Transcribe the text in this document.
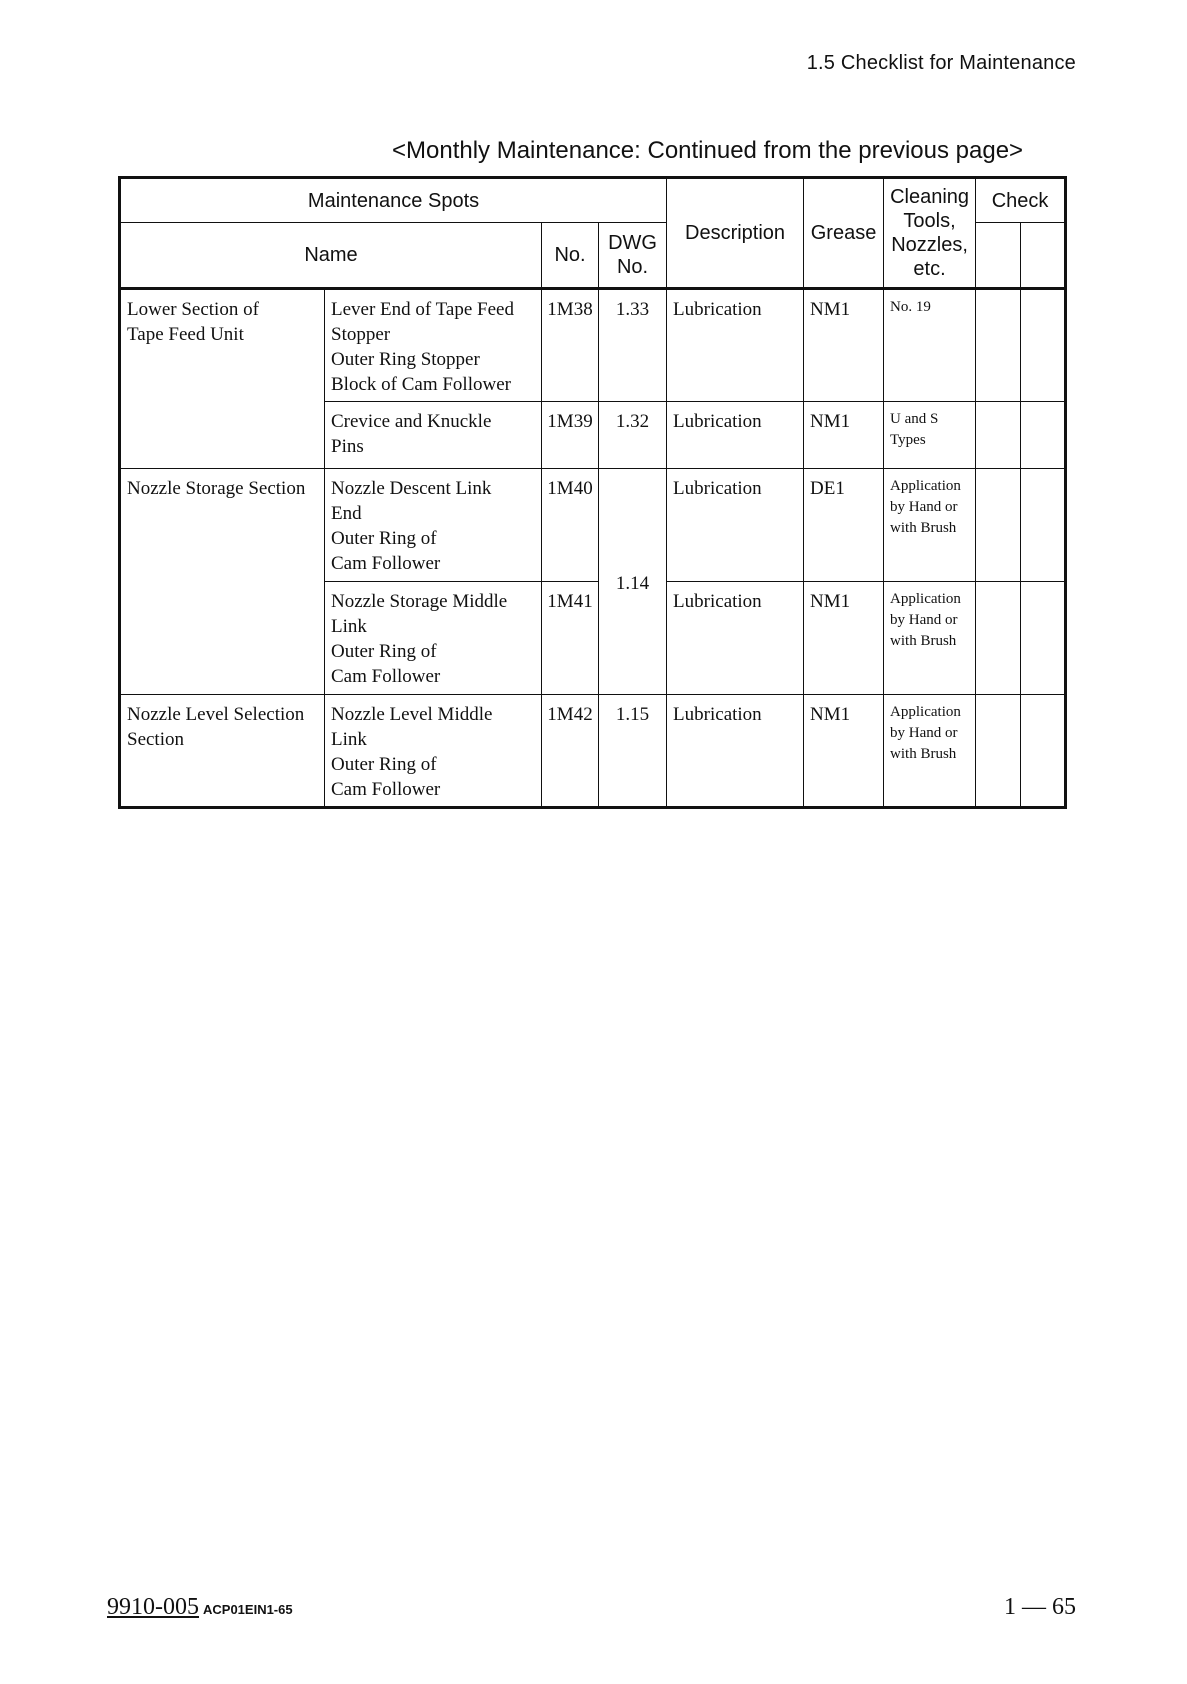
1.5 Checklist for Maintenance
<Monthly Maintenance: Continued from the previous page>
Maintenance Spots				Description	Grease	Cleaning
Tools,
Nozzles,
etc.	Check	
Name		No.	DWG
No.					

Lower Section of
Tape Feed Unit	Lever End of Tape Feed
Stopper
Outer Ring Stopper
Block of Cam Follower	1M38	1.33	Lubrication	NM1	No. 19		

	Crevice and Knuckle
Pins	1M39	1.32	Lubrication	NM1	U and S
Types		

Nozzle Storage Section	Nozzle Descent Link
End
Outer Ring of
Cam Follower	1M40	1.14	Lubrication	DE1	Application
by Hand or
with Brush		

	Nozzle Storage Middle
Link
Outer Ring of
Cam Follower	1M41		Lubrication	NM1	Application
by Hand or
with Brush		

Nozzle Level Selection
Section	Nozzle Level Middle
Link
Outer Ring of
Cam Follower	1M42	1.15	Lubrication	NM1	Application
by Hand or
with Brush		

9910-005 ACP01EIN1-65	1 — 65
